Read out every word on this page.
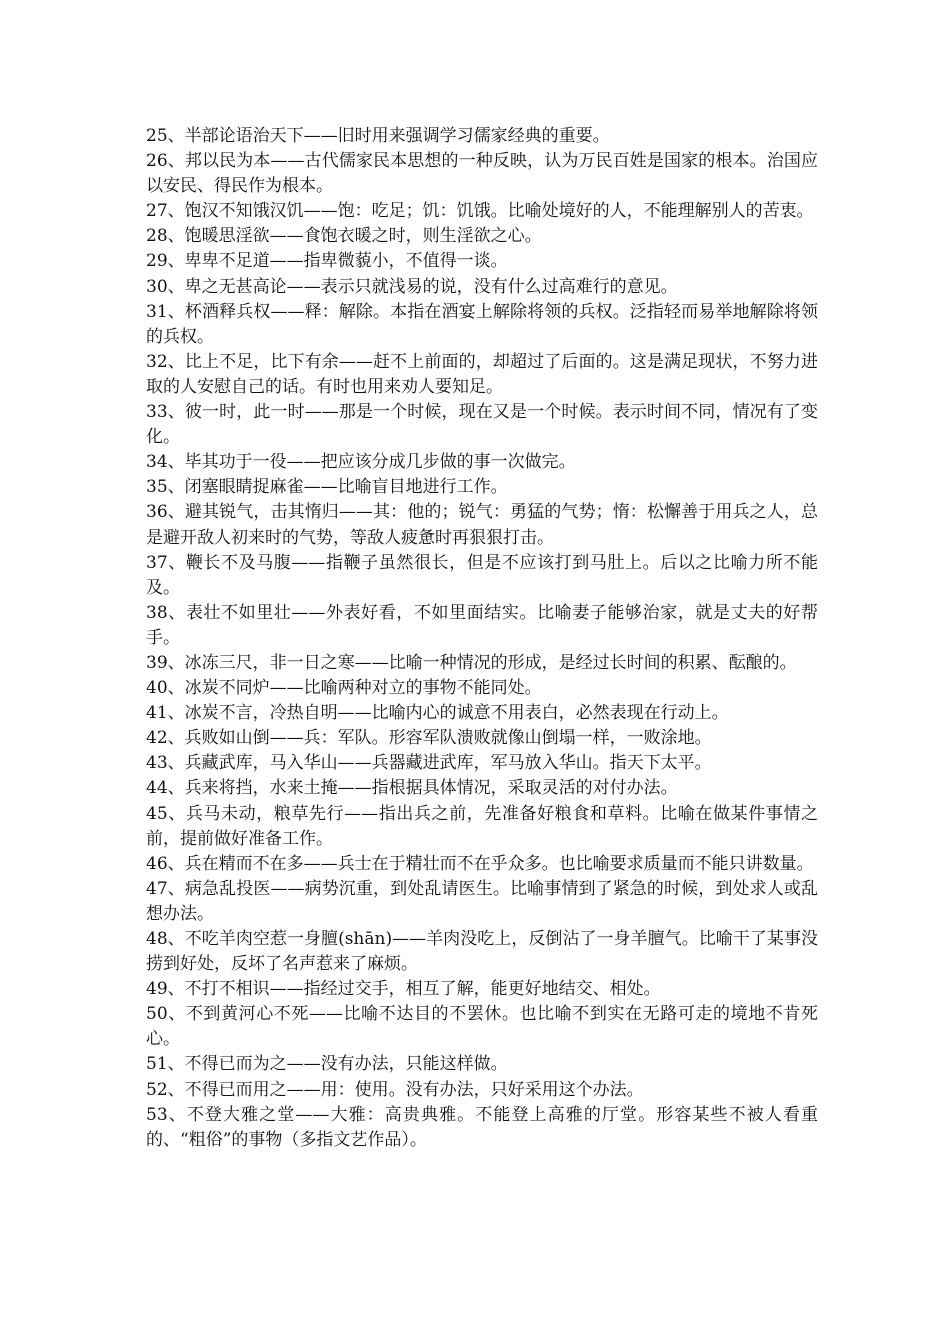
25、半部论语治天下——旧时用来强调学习儒家经典的重要。

26、邦以民为本——古代儒家民本思想的一种反映，认为万民百姓是国家的根本。治国应以安民、得民作为根本。

27、饱汉不知饿汉饥——饱：吃足；饥：饥饿。比喻处境好的人，不能理解别人的苦衷。

28、饱暖思淫欲——食饱衣暖之时，则生淫欲之心。

29、卑卑不足道——指卑微藐小，不值得一谈。

30、卑之无甚高论——表示只就浅易的说，没有什么过高难行的意见。

31、杯酒释兵权——释：解除。本指在酒宴上解除将领的兵权。泛指轻而易举地解除将领的兵权。

32、比上不足，比下有余——赶不上前面的，却超过了后面的。这是满足现状，不努力进取的人安慰自己的话。有时也用来劝人要知足。

33、彼一时，此一时——那是一个时候，现在又是一个时候。表示时间不同，情况有了变化。

34、毕其功于一役——把应该分成几步做的事一次做完。

35、闭塞眼睛捉麻雀——比喻盲目地进行工作。

36、避其锐气，击其惰归——其：他的；锐气：勇猛的气势；惰：松懈善于用兵之人，总是避开敌人初来时的气势，等敌人疲惫时再狠狠打击。

37、鞭长不及马腹——指鞭子虽然很长，但是不应该打到马肚上。后以之比喻力所不能及。

38、表壮不如里壮——外表好看，不如里面结实。比喻妻子能够治家，就是丈夫的好帮手。

39、冰冻三尺，非一日之寒——比喻一种情况的形成，是经过长时间的积累、酝酿的。

40、冰炭不同炉——比喻两种对立的事物不能同处。

41、冰炭不言，冷热自明——比喻内心的诚意不用表白，必然表现在行动上。

42、兵败如山倒——兵：军队。形容军队溃败就像山倒塌一样，一败涂地。

43、兵藏武库，马入华山——兵器藏进武库，军马放入华山。指天下太平。

44、兵来将挡，水来土掩——指根据具体情况，采取灵活的对付办法。

45、兵马未动，粮草先行——指出兵之前，先准备好粮食和草料。比喻在做某件事情之前，提前做好准备工作。

46、兵在精而不在多——兵士在于精壮而不在乎众多。也比喻要求质量而不能只讲数量。

47、病急乱投医——病势沉重，到处乱请医生。比喻事情到了紧急的时候，到处求人或乱想办法。

48、不吃羊肉空惹一身膻(shān)——羊肉没吃上，反倒沾了一身羊膻气。比喻干了某事没捞到好处，反坏了名声惹来了麻烦。

49、不打不相识——指经过交手，相互了解，能更好地结交、相处。

50、不到黄河心不死——比喻不达目的不罢休。也比喻不到实在无路可走的境地不肯死心。

51、不得已而为之——没有办法，只能这样做。

52、不得已而用之——用：使用。没有办法，只好采用这个办法。

53、不登大雅之堂——大雅：高贵典雅。不能登上高雅的厅堂。形容某些不被人看重的、“粗俗”的事物（多指文艺作品）。
